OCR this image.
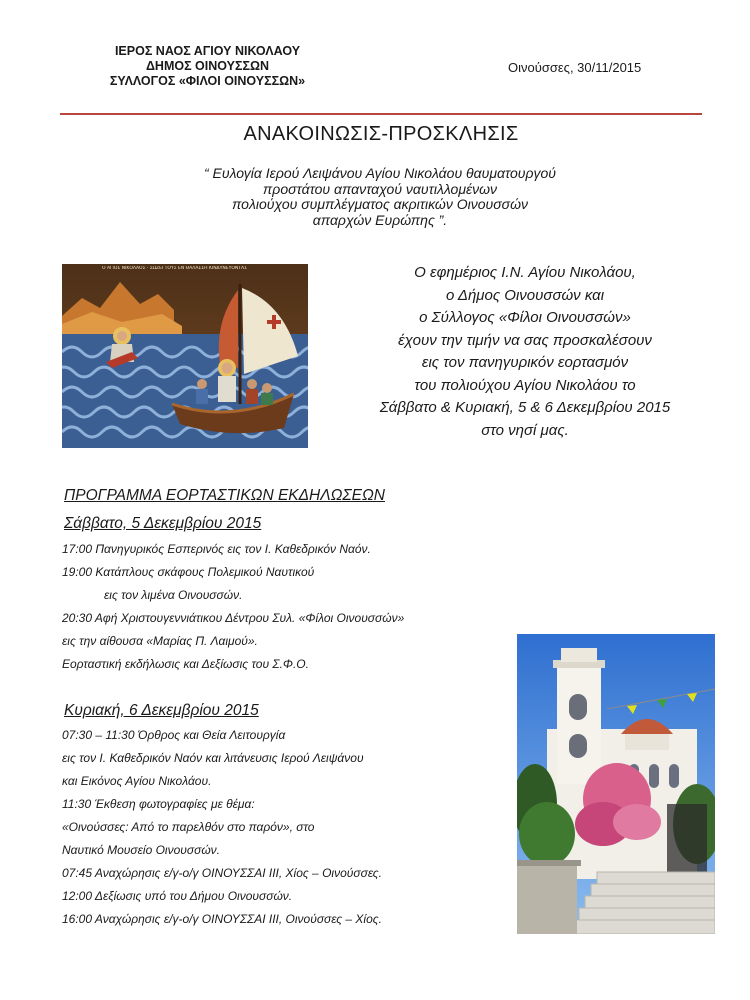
ΙΕΡΟΣ ΝΑΟΣ ΑΓΙΟΥ ΝΙΚΟΛΑΟΥ
ΔΗΜΟΣ ΟΙΝΟΥΣΣΩΝ
ΣΥΛΛΟΓΟΣ «ΦΙΛΟΙ ΟΙΝΟΥΣΣΩΝ»
Οινούσσες, 30/11/2015
ΑΝΑΚΟΙΝΩΣΙΣ-ΠΡΟΣΚΛΗΣΙΣ
“ Ευλογία Ιερού Λειψάνου Αγίου Νικολάου θαυματουργού
προστάτου απανταχού ναυτιλλομένων
πολιούχου συμπλέγματος ακριτικών Οινουσσών
απαρχών Ευρώπης ”.
Ο ΑΓΙΟΣ ΝΙΚΟΛΑΟΣ · ΣΩΖΕΙ ΤΟΥΣ ΕΝ ΘΑΛΑΣΣΗ ΚΙΝΔΥΝΕΥΟΝΤΑΣ	Ο εφημέριος Ι.Ν. Αγίου Νικολάου,
ο Δήμος Οινουσσών και
ο Σύλλογος «Φίλοι Οινουσσών»
έχουν την τιμήν να σας προσκαλέσουν
εις τον πανηγυρικόν εορτασμόν
του πολιούχου Αγίου Νικολάου το
Σάββατο & Κυριακή, 5 & 6 Δεκεμβρίου 2015
στο νησί μας.
ΠΡΟΓΡΑΜΜΑ ΕΟΡΤΑΣΤΙΚΩΝ ΕΚΔΗΛΩΣΕΩΝ
Σάββατο, 5 Δεκεμβρίου 2015
17:00 Πανηγυρικός Εσπερινός εις τον Ι. Καθεδρικόν Ναόν.
19:00 Κατάπλους σκάφους Πολεμικού Ναυτικού
εις τον λιμένα Οινουσσών.
20:30 Αφή Χριστουγεννιάτικου Δέντρου Συλ. «Φίλοι Οινουσσών»
εις την αίθουσα «Μαρίας Π. Λαιμού».
Εορταστική εκδήλωσις και Δεξίωσις του Σ.Φ.Ο.
Κυριακή, 6 Δεκεμβρίου 2015
07:30 – 11:30 Όρθρος και Θεία Λειτουργία
εις τον Ι. Καθεδρικόν Ναόν και λιτάνευσις Ιερού Λειψάνου
και Εικόνος Αγίου Νικολάου.
11:30 Έκθεση φωτογραφίες με θέμα:
«Οινούσσες: Από το παρελθόν στο παρόν», στο
Ναυτικό Μουσείο Οινουσσών.
07:45 Αναχώρησις ε/γ-ο/γ ΟΙΝΟΥΣΣΑΙ ΙΙΙ, Χίος – Οινούσσες.
12:00 Δεξίωσις υπό του Δήμου Οινουσσών.
16:00 Αναχώρησις ε/γ-ο/γ ΟΙΝΟΥΣΣΑΙ ΙΙΙ, Οινούσσες – Χίος.
